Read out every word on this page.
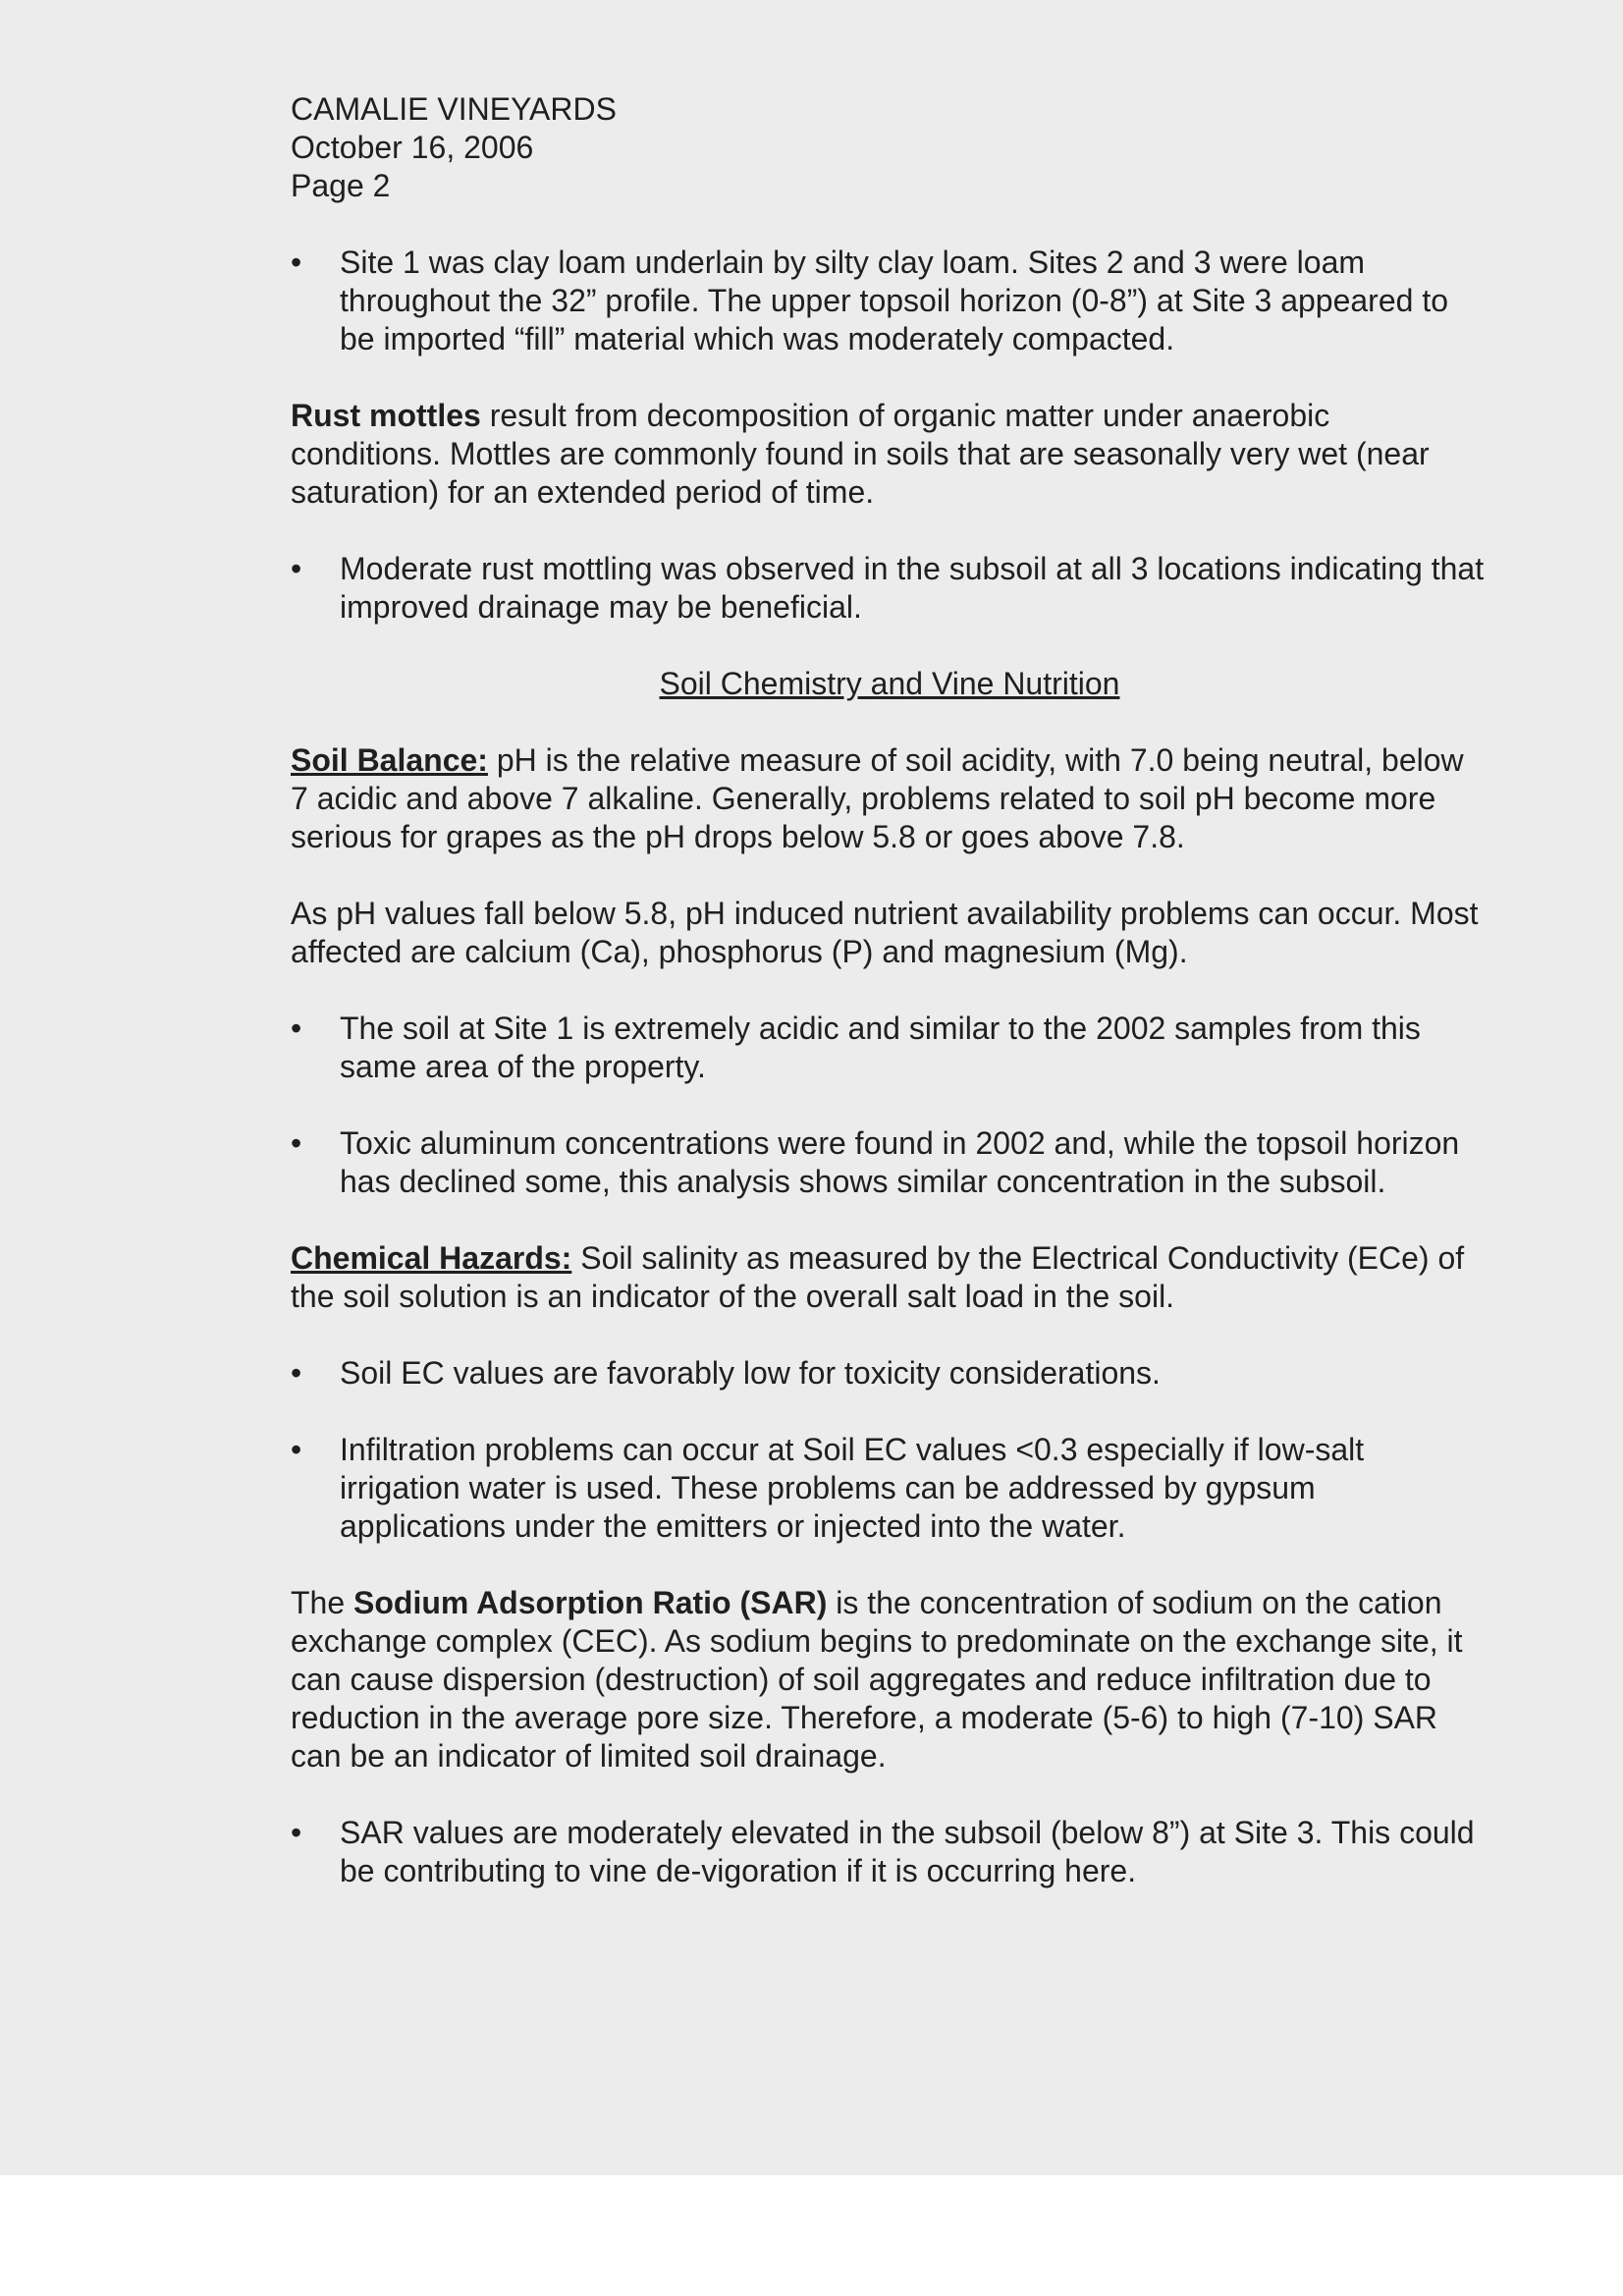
CAMALIE VINEYARDS

October 16, 2006

Page 2

• Site 1 was clay loam underlain by silty clay loam. Sites 2 and 3 were loam throughout the 32” profile. The upper topsoil horizon (0-8”) at Site 3 appeared to be imported “fill” material which was moderately compacted.

Rust mottles result from decomposition of organic matter under anaerobic conditions. Mottles are commonly found in soils that are seasonally very wet (near saturation) for an extended period of time.

• Moderate rust mottling was observed in the subsoil at all 3 locations indicating that improved drainage may be beneficial.

Soil Chemistry and Vine Nutrition

Soil Balance: pH is the relative measure of soil acidity, with 7.0 being neutral, below 7 acidic and above 7 alkaline. Generally, problems related to soil pH become more serious for grapes as the pH drops below 5.8 or goes above 7.8.

As pH values fall below 5.8, pH induced nutrient availability problems can occur. Most affected are calcium (Ca), phosphorus (P) and magnesium (Mg).

• The soil at Site 1 is extremely acidic and similar to the 2002 samples from this same area of the property.
• Toxic aluminum concentrations were found in 2002 and, while the topsoil horizon has declined some, this analysis shows similar concentration in the subsoil.

Chemical Hazards: Soil salinity as measured by the Electrical Conductivity (ECe) of the soil solution is an indicator of the overall salt load in the soil.

• Soil EC values are favorably low for toxicity considerations.
• Infiltration problems can occur at Soil EC values <0.3 especially if low-salt irrigation water is used. These problems can be addressed by gypsum applications under the emitters or injected into the water.

The Sodium Adsorption Ratio (SAR) is the concentration of sodium on the cation exchange complex (CEC). As sodium begins to predominate on the exchange site, it can cause dispersion (destruction) of soil aggregates and reduce infiltration due to reduction in the average pore size. Therefore, a moderate (5-6) to high (7-10) SAR can be an indicator of limited soil drainage.

• SAR values are moderately elevated in the subsoil (below 8”) at Site 3. This could be contributing to vine de-vigoration if it is occurring here.
